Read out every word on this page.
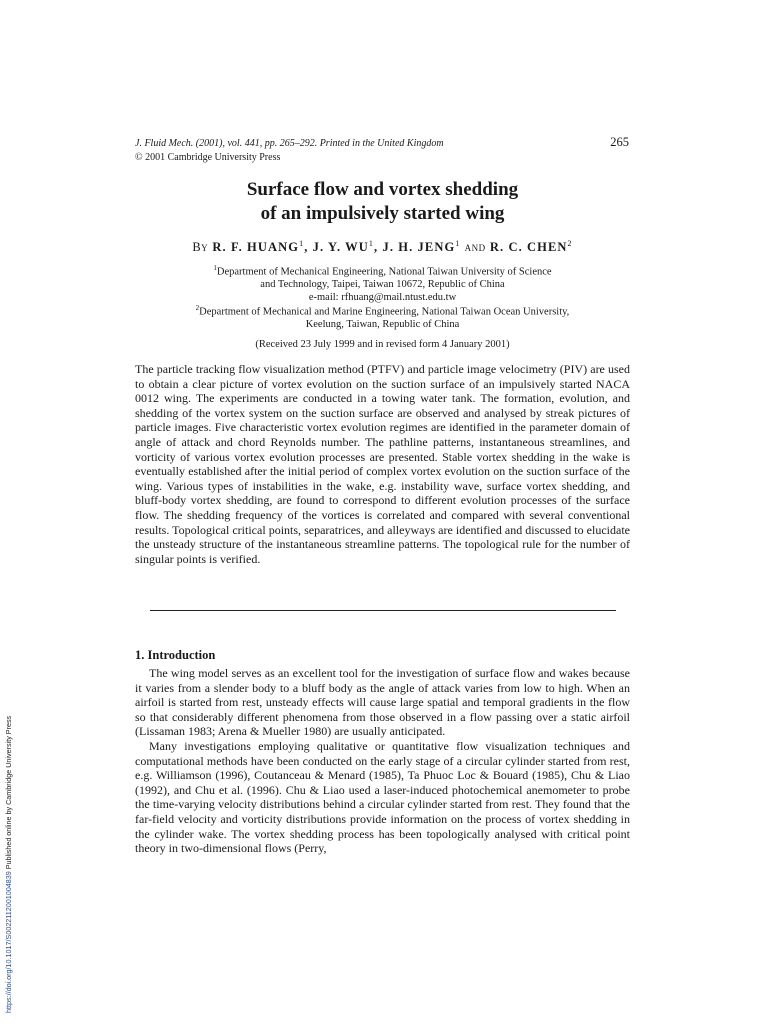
J. Fluid Mech. (2001), vol. 441, pp. 265–292. Printed in the United Kingdom
© 2001 Cambridge University Press
265
Surface flow and vortex shedding
of an impulsively started wing
By R. F. HUANG$^1$, J. Y. $WU^1$, J. H. JENG$^1$ and R. C. CHEN$^2$
$^1$Department of Mechanical Engineering, National Taiwan University of Science
and Technology, Taipei, Taiwan 10672, Republic of China
e-mail: rfhuang@mail.ntust.edu.tw
$^2$Department of Mechanical and Marine Engineering, National Taiwan Ocean University,
Keelung, Taiwan, Republic of China
(Received 23 July 1999 and in revised form 4 January 2001)
The particle tracking flow visualization method (PTFV) and particle image velocimetry (PIV) are used to obtain a clear picture of vortex evolution on the suction surface of an impulsively started NACA 0012 wing. The experiments are conducted in a towing water tank. The formation, evolution, and shedding of the vortex system on the suction surface are observed and analysed by streak pictures of particle images. Five characteristic vortex evolution regimes are identified in the parameter domain of angle of attack and chord Reynolds number. The pathline patterns, instantaneous streamlines, and vorticity of various vortex evolution processes are presented. Stable vortex shedding in the wake is eventually established after the initial period of complex vortex evolution on the suction surface of the wing. Various types of instabilities in the wake, e.g. instability wave, surface vortex shedding, and bluff-body vortex shedding, are found to correspond to different evolution processes of the surface flow. The shedding frequency of the vortices is correlated and compared with several conventional results. Topological critical points, separatrices, and alleyways are identified and discussed to elucidate the unsteady structure of the instantaneous streamline patterns. The topological rule for the number of singular points is verified.
1. Introduction

The wing model serves as an excellent tool for the investigation of surface flow and wakes because it varies from a slender body to a bluff body as the angle of attack varies from low to high. When an airfoil is started from rest, unsteady effects will cause large spatial and temporal gradients in the flow so that considerably different phenomena from those observed in a flow passing over a static airfoil (Lissaman 1983; Arena & Mueller 1980) are usually anticipated.

Many investigations employing qualitative or quantitative flow visualization techniques and computational methods have been conducted on the early stage of a circular cylinder started from rest, e.g. Williamson (1996), Coutanceau & Menard (1985), Ta Phuoc Loc & Bouard (1985), Chu & Liao (1992), and Chu et al. (1996). Chu & Liao used a laser-induced photochemical anemometer to probe the time-varying velocity distributions behind a circular cylinder started from rest. They found that the far-field velocity and vorticity distributions provide information on the process of vortex shedding in the cylinder wake. The vortex shedding process has been topologically analysed with critical point theory in two-dimensional flows (Perry,

https://doi.org/10.1017/S0022112001004839 Published online by Cambridge University Press
